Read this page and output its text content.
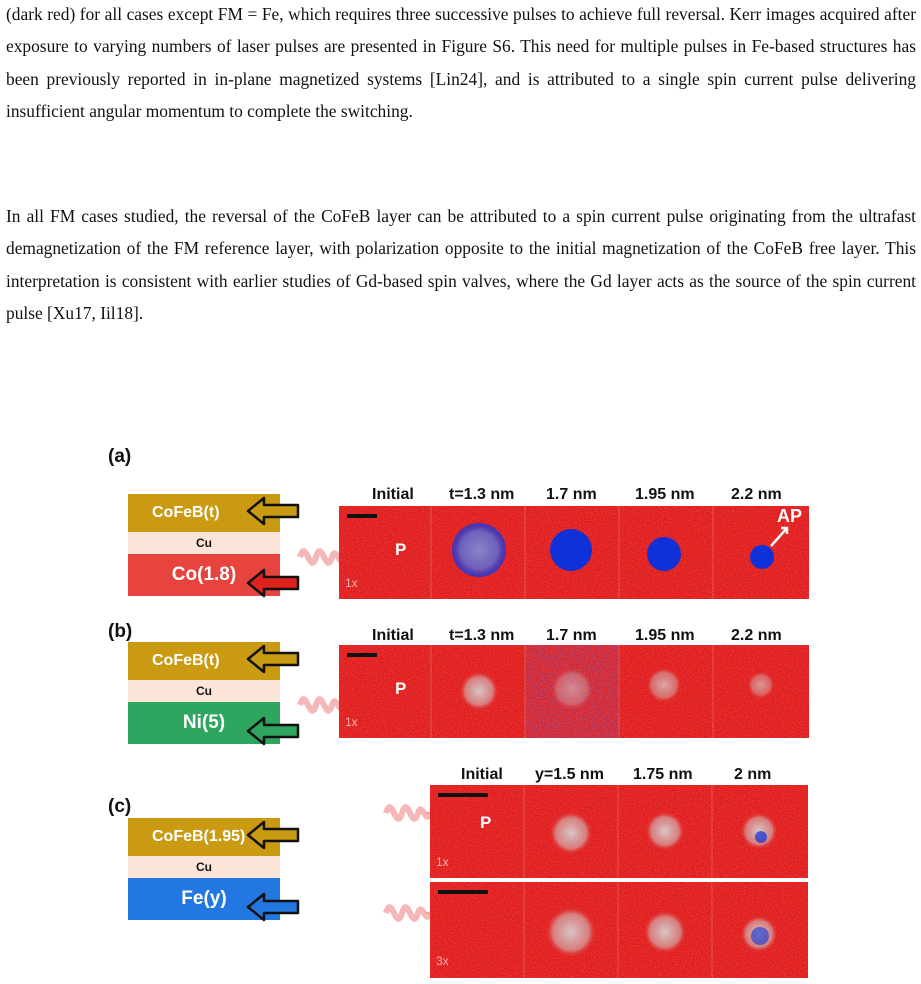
(dark red) for all cases except FM = Fe, which requires three successive pulses to achieve full reversal. Kerr images acquired after exposure to varying numbers of laser pulses are presented in Figure S6. This need for multiple pulses in Fe-based structures has been previously reported in in-plane magnetized systems [Lin24], and is attributed to a single spin current pulse delivering insufficient angular momentum to complete the switching.

In all FM cases studied, the reversal of the CoFeB layer can be attributed to a spin current pulse originating from the ultrafast demagnetization of the FM reference layer, with polarization opposite to the initial magnetization of the CoFeB free layer. This interpretation is consistent with earlier studies of Gd-based spin valves, where the Gd layer acts as the source of the spin current pulse [Xu17, Iil18].

(a)
CoFeB(t)
Cu
Co(1.8)
Initial t=1.3 nm 1.7 nm 1.95 nm 2.2 nm
P
1x
AP
(b)
CoFeB(t)
Cu
Ni(5)
Initial t=1.3 nm 1.7 nm 1.95 nm 2.2 nm
P
1x
(c)
CoFeB(1.95)
Cu
Fe(y)
Initial y=1.5 nm 1.75 nm	2 nm
P
1x
3x
